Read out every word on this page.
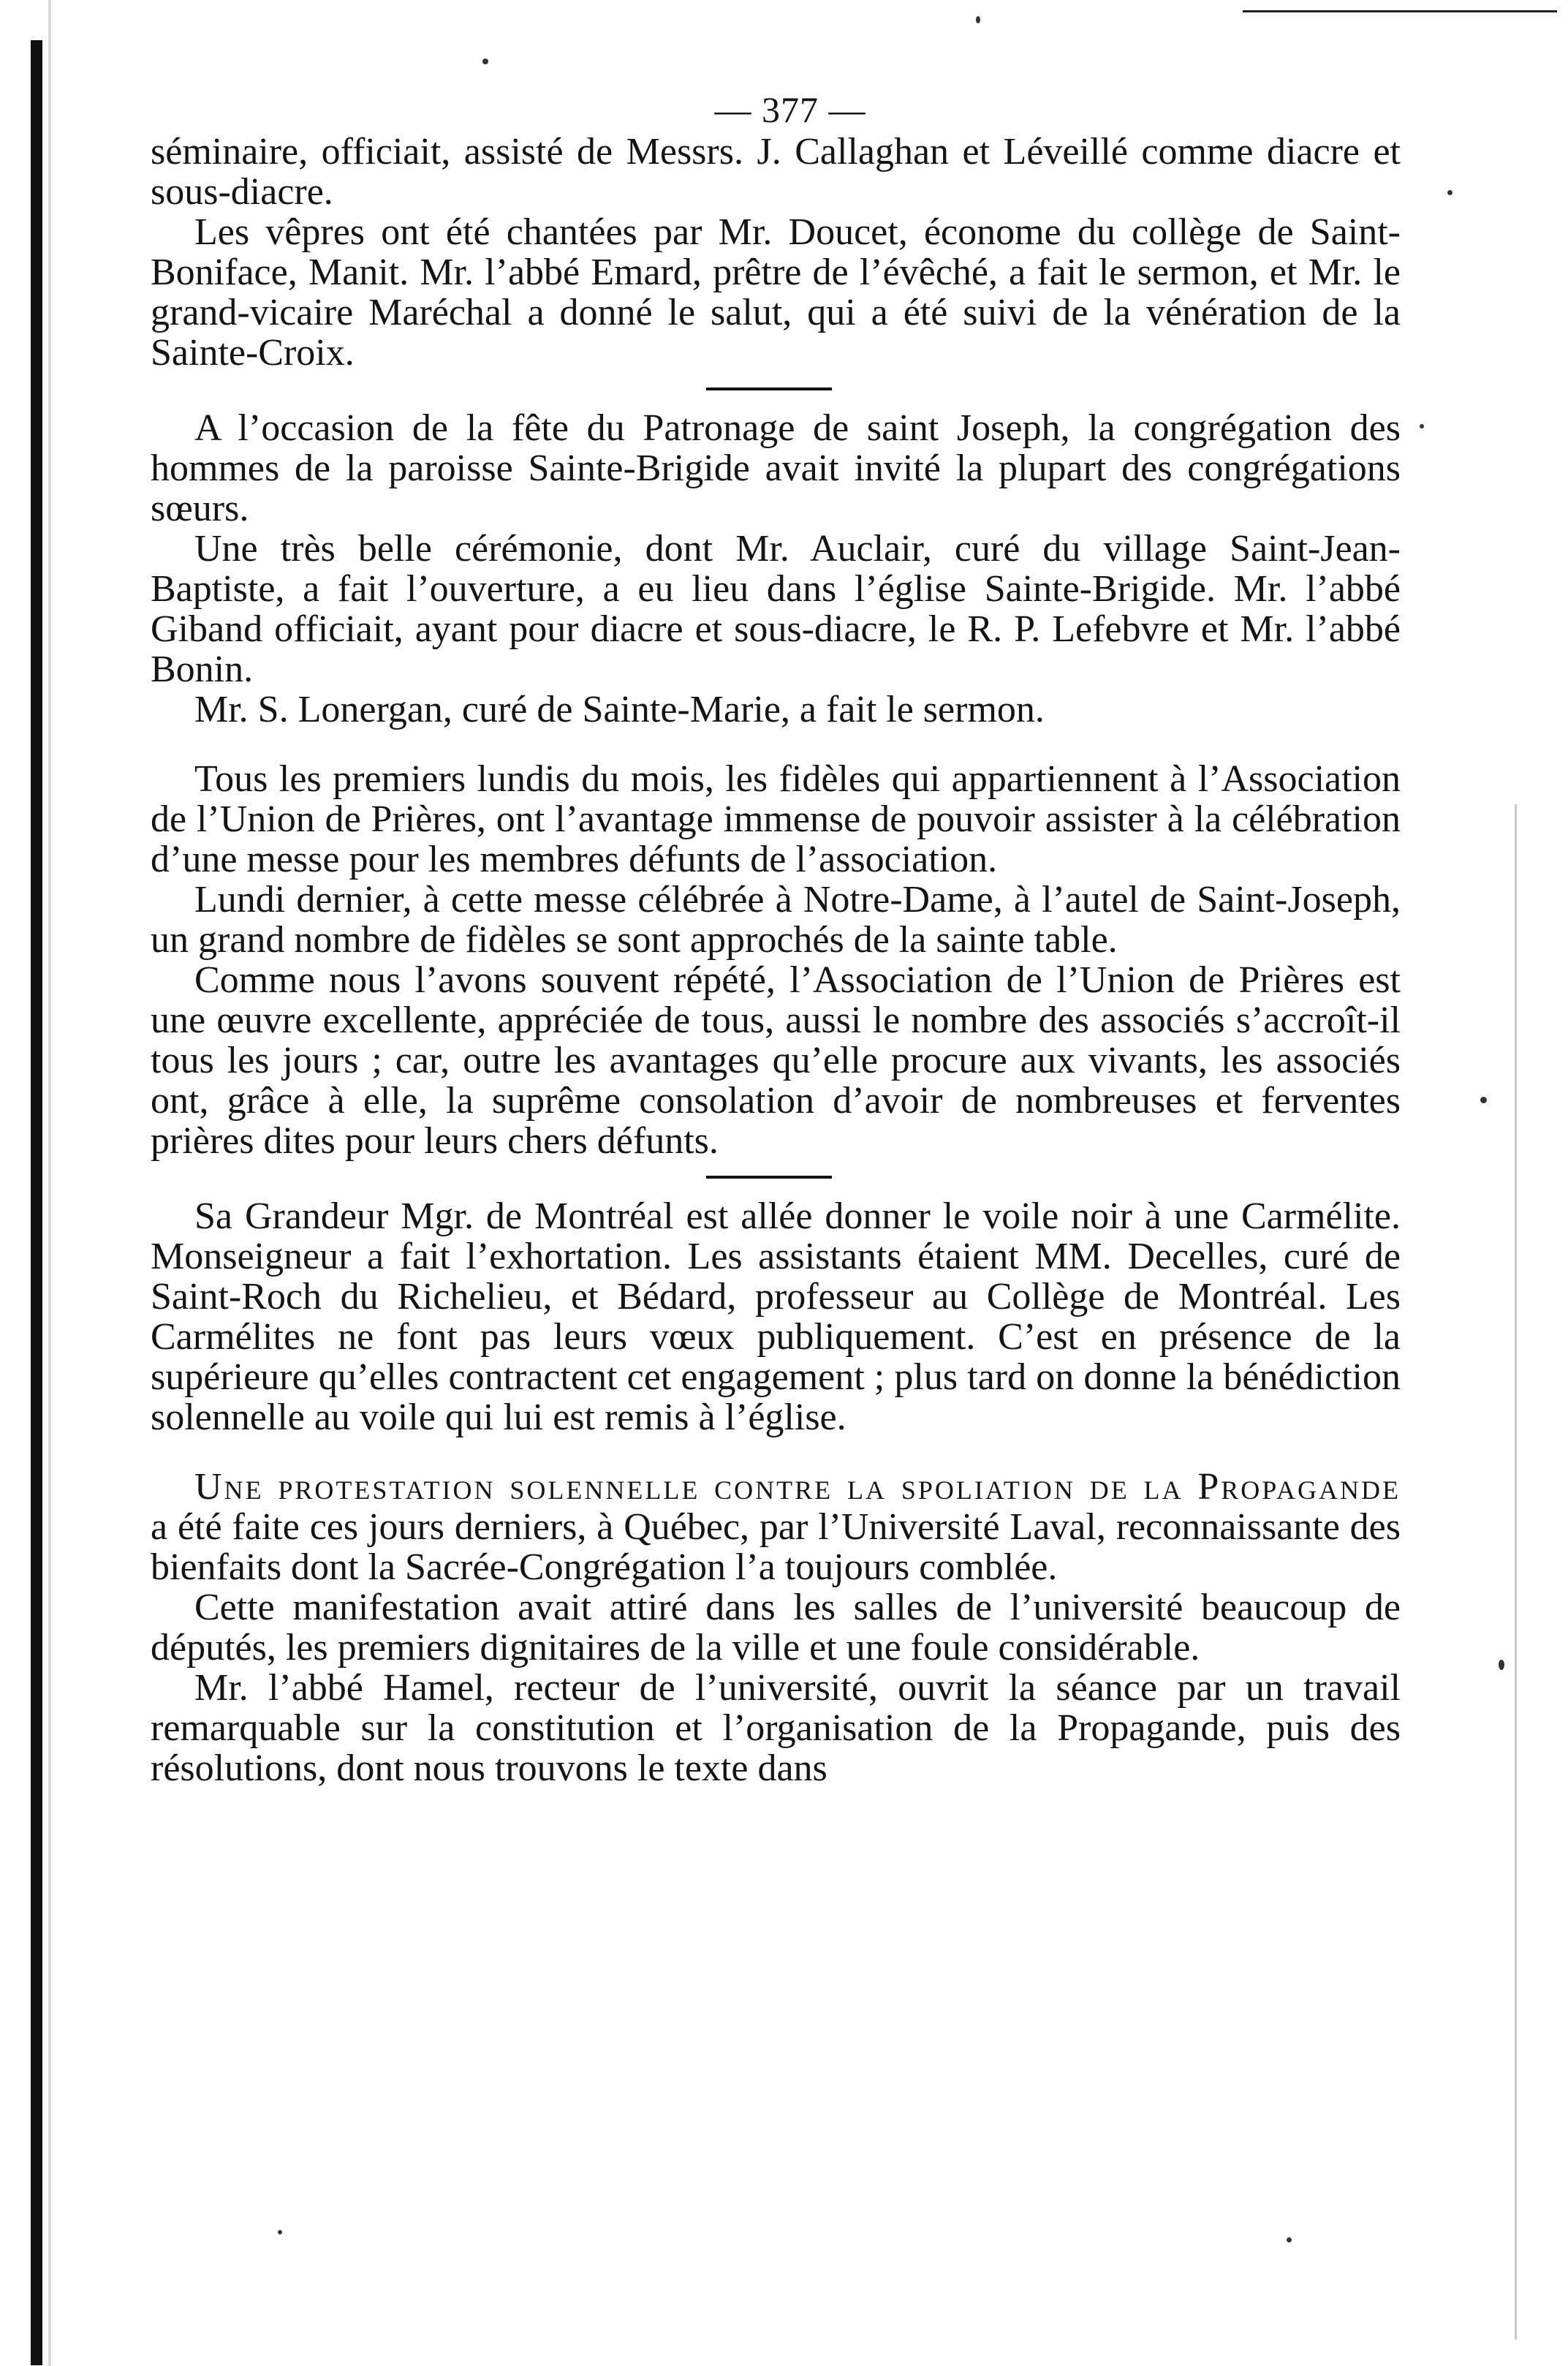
— 377 —

séminaire, officiait, assisté de Messrs. J. Callaghan et Léveillé comme diacre et sous-diacre.

Les vêpres ont été chantées par Mr. Doucet, économe du collège de Saint-Boniface, Manit. Mr. l’abbé Emard, prêtre de l’évêché, a fait le sermon, et Mr. le grand-vicaire Maréchal a donné le salut, qui a été suivi de la vénération de la Sainte-Croix.

A l’occasion de la fête du Patronage de saint Joseph, la congrégation des hommes de la paroisse Sainte-Brigide avait invité la plupart des congrégations sœurs.

Une très belle cérémonie, dont Mr. Auclair, curé du village Saint-Jean-Baptiste, a fait l’ouverture, a eu lieu dans l’église Sainte-Brigide. Mr. l’abbé Giband officiait, ayant pour diacre et sous-diacre, le R. P. Lefebvre et Mr. l’abbé Bonin.

Mr. S. Lonergan, curé de Sainte-Marie, a fait le sermon.

Tous les premiers lundis du mois, les fidèles qui appartiennent à l’Association de l’Union de Prières, ont l’avantage immense de pouvoir assister à la célébration d’une messe pour les membres défunts de l’association.

Lundi dernier, à cette messe célébrée à Notre-Dame, à l’autel de Saint-Joseph, un grand nombre de fidèles se sont approchés de la sainte table.

Comme nous l’avons souvent répété, l’Association de l’Union de Prières est une œuvre excellente, appréciée de tous, aussi le nombre des associés s’accroît-il tous les jours ; car, outre les avantages qu’elle procure aux vivants, les associés ont, grâce à elle, la suprême consolation d’avoir de nombreuses et ferventes prières dites pour leurs chers défunts.

Sa Grandeur Mgr. de Montréal est allée donner le voile noir à une Carmélite. Monseigneur a fait l’exhortation. Les assistants étaient MM. Decelles, curé de Saint-Roch du Richelieu, et Bédard, professeur au Collège de Montréal. Les Carmélites ne font pas leurs vœux publiquement. C’est en présence de la supérieure qu’elles contractent cet engagement ; plus tard on donne la bénédiction solennelle au voile qui lui est remis à l’église.

Une protestation solennelle contre la spoliation de la Propagande a été faite ces jours derniers, à Québec, par l’Université Laval, reconnaissante des bienfaits dont la Sacrée-Congrégation l’a toujours comblée.

Cette manifestation avait attiré dans les salles de l’université beaucoup de députés, les premiers dignitaires de la ville et une foule considérable.

Mr. l’abbé Hamel, recteur de l’université, ouvrit la séance par un travail remarquable sur la constitution et l’organisation de la Propagande, puis des résolutions, dont nous trouvons le texte dans
